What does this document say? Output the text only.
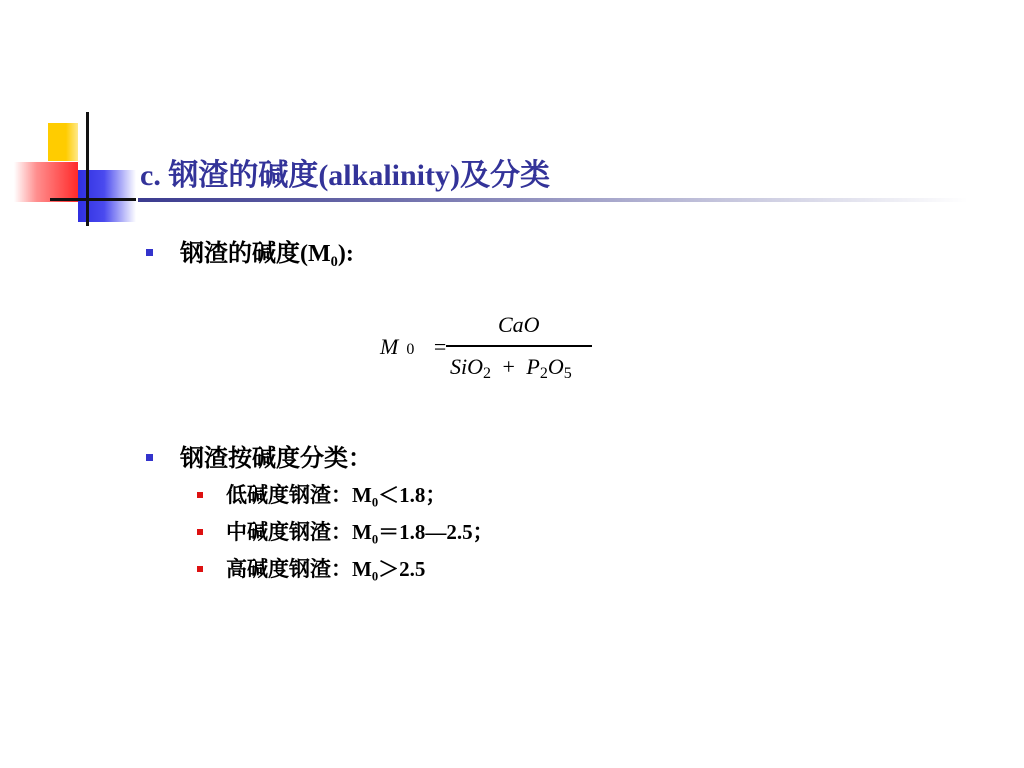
c. 钢渣的碱度(alkalinity)及分类
钢渣的碱度$(M_0)$:
M 0 =
CaO
SiO2 + P2O5
钢渣按碱度分类：
低碱度钢渣：$M_0<1.8$；
中碱度钢渣：$M_0=1.8—2.5$；
高碱度钢渣：$M_0>2.5$
